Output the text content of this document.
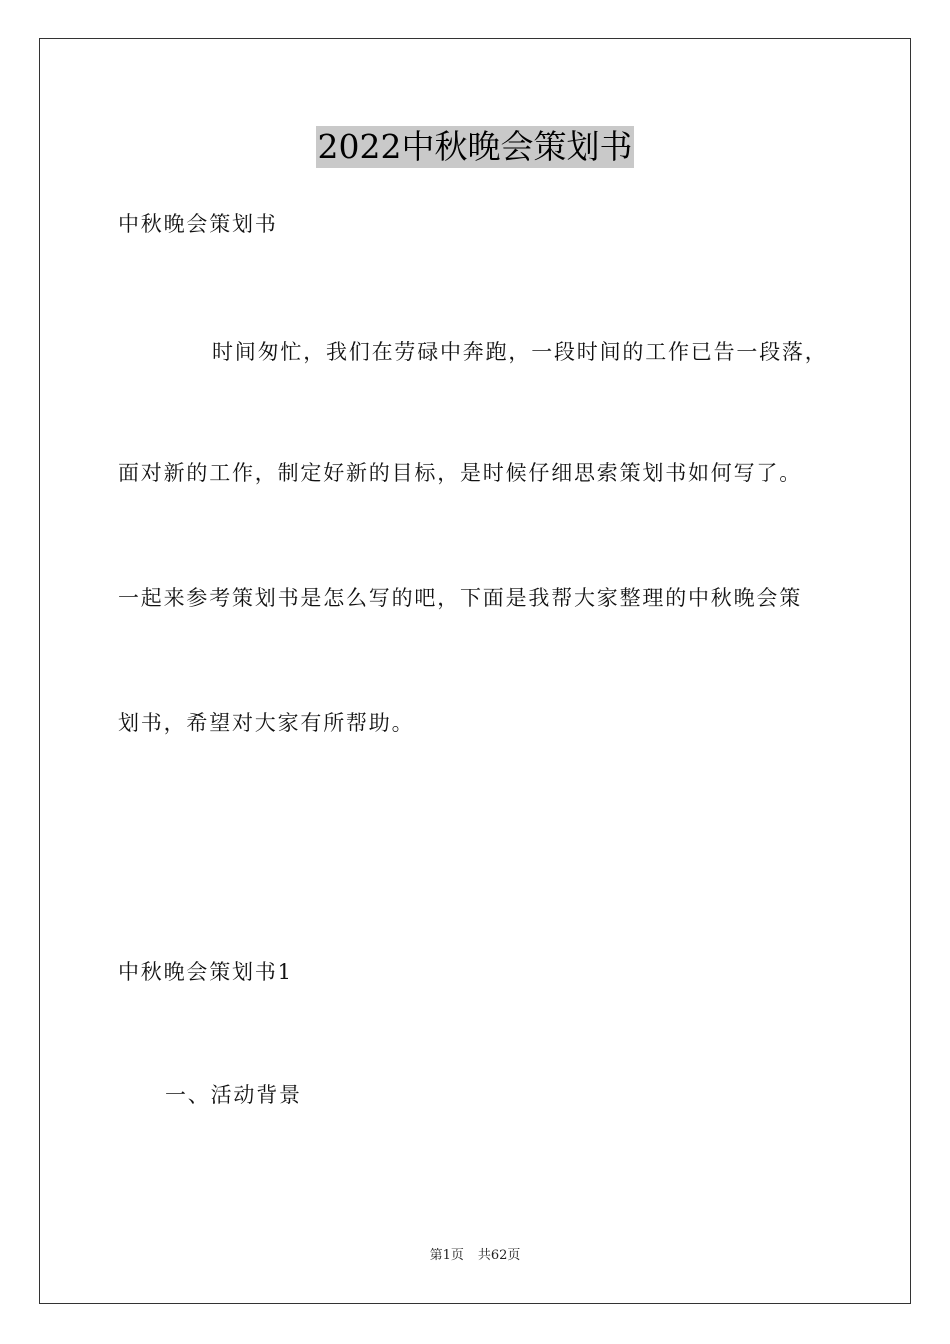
2022中秋晚会策划书
中秋晚会策划书
时间匆忙，我们在劳碌中奔跑，一段时间的工作已告一段落，
面对新的工作，制定好新的目标，是时候仔细思索策划书如何写了。
一起来参考策划书是怎么写的吧，下面是我帮大家整理的中秋晚会策
划书，希望对大家有所帮助。
中秋晚会策划书1
一、活动背景
第1页 共62页
